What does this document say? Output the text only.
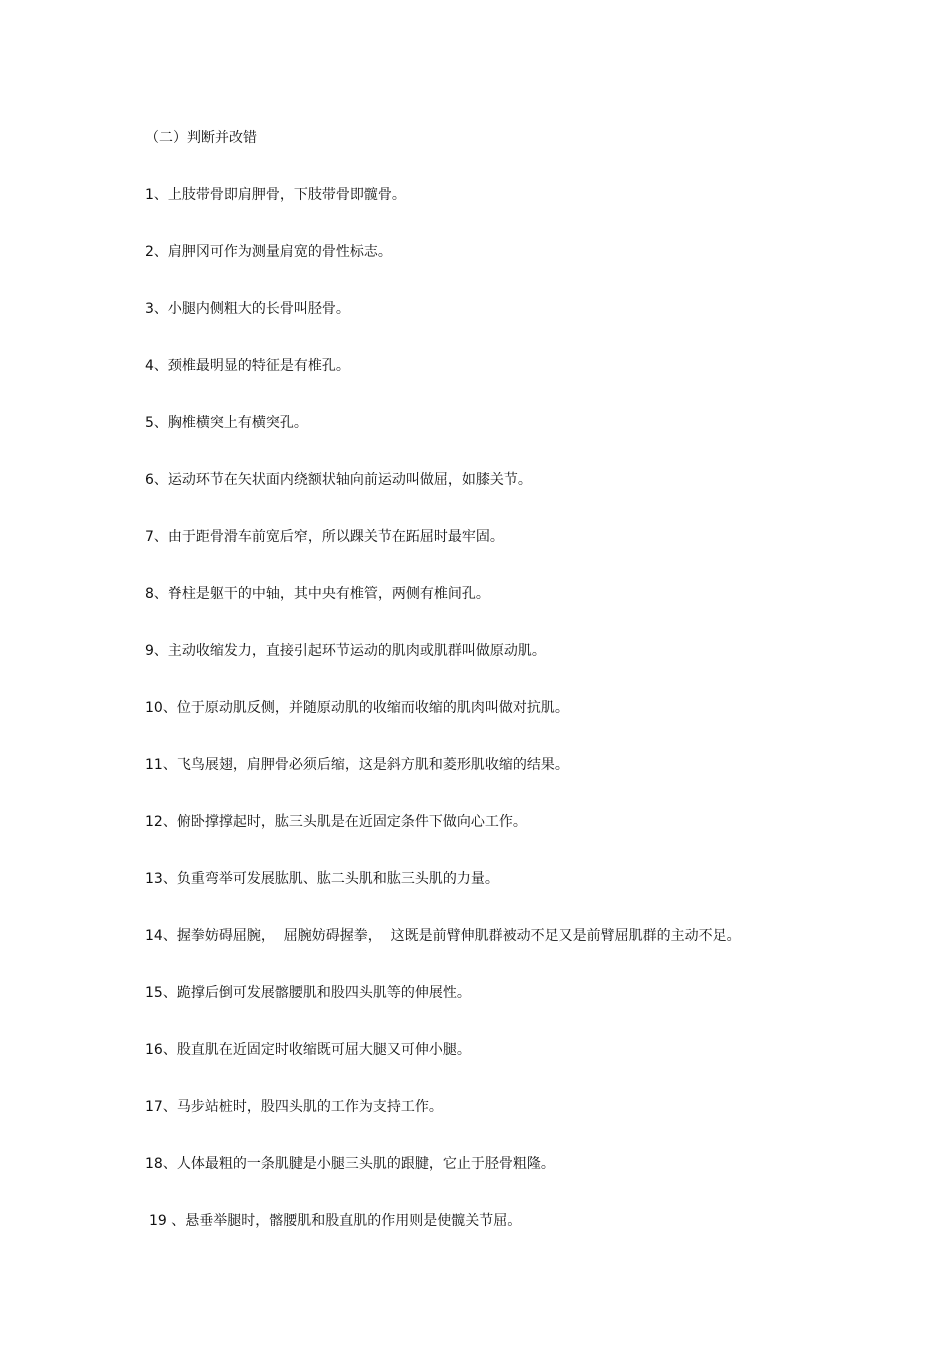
（二）判断并改错
1、上肢带骨即肩胛骨，下肢带骨即髋骨。
2、肩胛冈可作为测量肩宽的骨性标志。
3、小腿内侧粗大的长骨叫胫骨。
4、颈椎最明显的特征是有椎孔。
5、胸椎横突上有横突孔。
6、运动环节在矢状面内绕额状轴向前运动叫做屈，如膝关节。
7、由于距骨滑车前宽后窄，所以踝关节在跖屈时最牢固。
8、脊柱是躯干的中轴，其中央有椎管，两侧有椎间孔。
9、主动收缩发力，直接引起环节运动的肌肉或肌群叫做原动肌。
10、位于原动肌反侧，并随原动肌的收缩而收缩的肌肉叫做对抗肌。
11、飞鸟展翅，肩胛骨必须后缩，这是斜方肌和菱形肌收缩的结果。
12、俯卧撑撑起时，肱三头肌是在近固定条件下做向心工作。
13、负重弯举可发展肱肌、肱二头肌和肱三头肌的力量。
14、握拳妨碍屈腕，  屈腕妨碍握拳，  这既是前臂伸肌群被动不足又是前臂屈肌群的主动不足。
15、跪撑后倒可发展髂腰肌和股四头肌等的伸展性。
16、股直肌在近固定时收缩既可屈大腿又可伸小腿。
17、马步站桩时，股四头肌的工作为支持工作。
18、人体最粗的一条肌腱是小腿三头肌的跟腱，它止于胫骨粗隆。
19 、悬垂举腿时，髂腰肌和股直肌的作用则是使髋关节屈。
